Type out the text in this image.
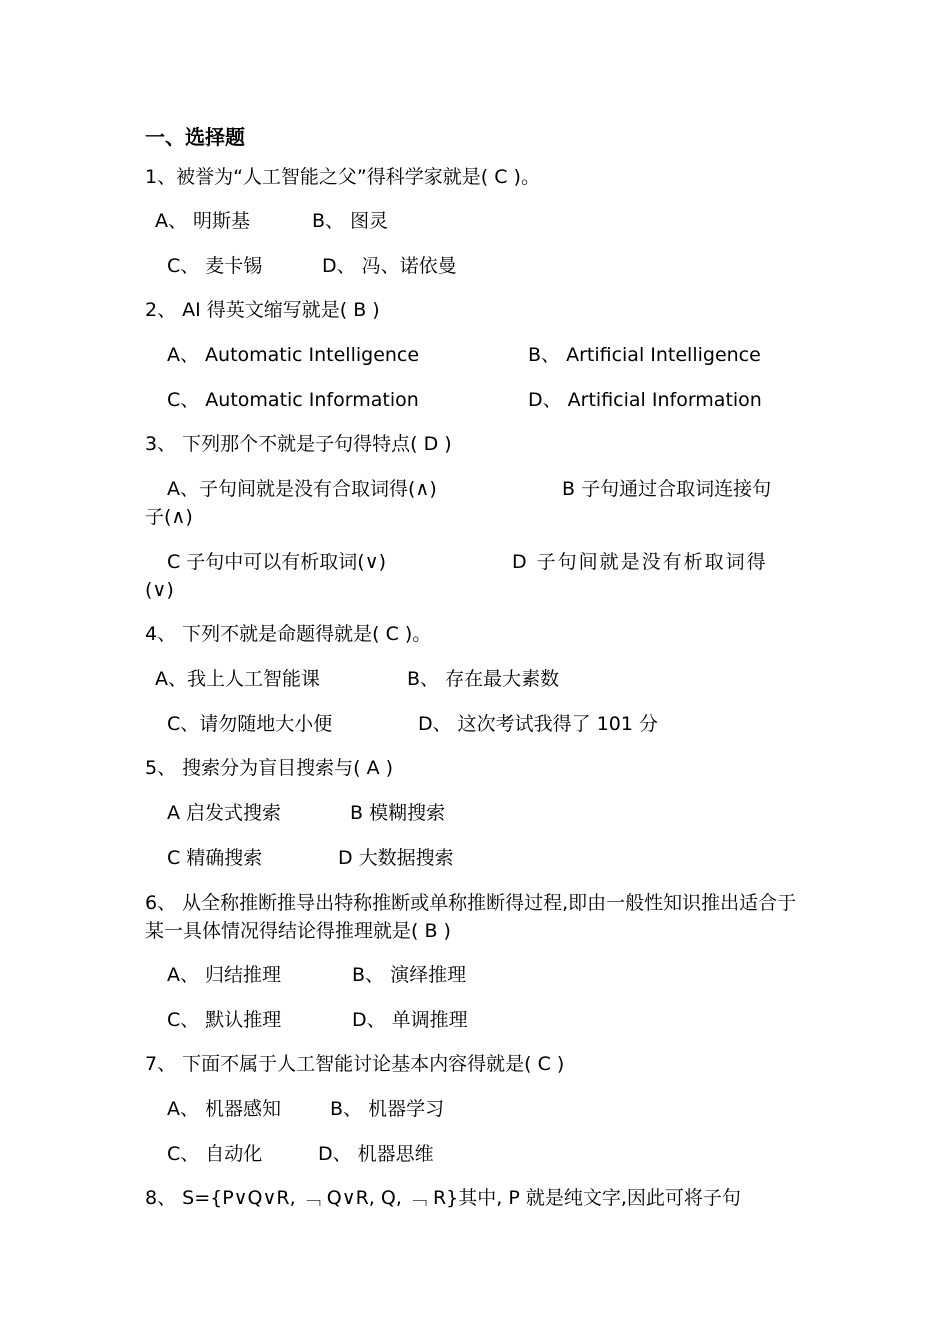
一、选择题
1、被誉为“人工智能之父”得科学家就是( C )。
A、 明斯基	B、 图灵
C、 麦卡锡	D、 冯、诺依曼
2、 AI 得英文缩写就是( B )
A、 Automatic Intelligence	B、 Artificial Intelligence
C、 Automatic Information	D、 Artificial Information
3、 下列那个不就是子句得特点( D )
A、子句间就是没有合取词得(∧)	B 子句通过合取词连接句
子(∧)
C 子句中可以有析取词(∨)	D 子句间就是没有析取词得
(∨)
4、 下列不就是命题得就是( C )。
A、我上人工智能课	B、 存在最大素数
C、请勿随地大小便	D、 这次考试我得了 101 分
5、 搜索分为盲目搜索与( A )
A 启发式搜索	B 模糊搜索
C 精确搜索	D 大数据搜索
6、 从全称推断推导出特称推断或单称推断得过程,即由一般性知识推出适合于某一具体情况得结论得推理就是( B )
A、 归结推理	B、 演绎推理
C、 默认推理	D、 单调推理
7、 下面不属于人工智能讨论基本内容得就是( C )
A、 机器感知	B、 机器学习
C、 自动化	D、 机器思维
8、 S={P∨Q∨R, ﹁ Q∨R, Q, ﹁ R}其中, P 就是纯文字,因此可将子句
